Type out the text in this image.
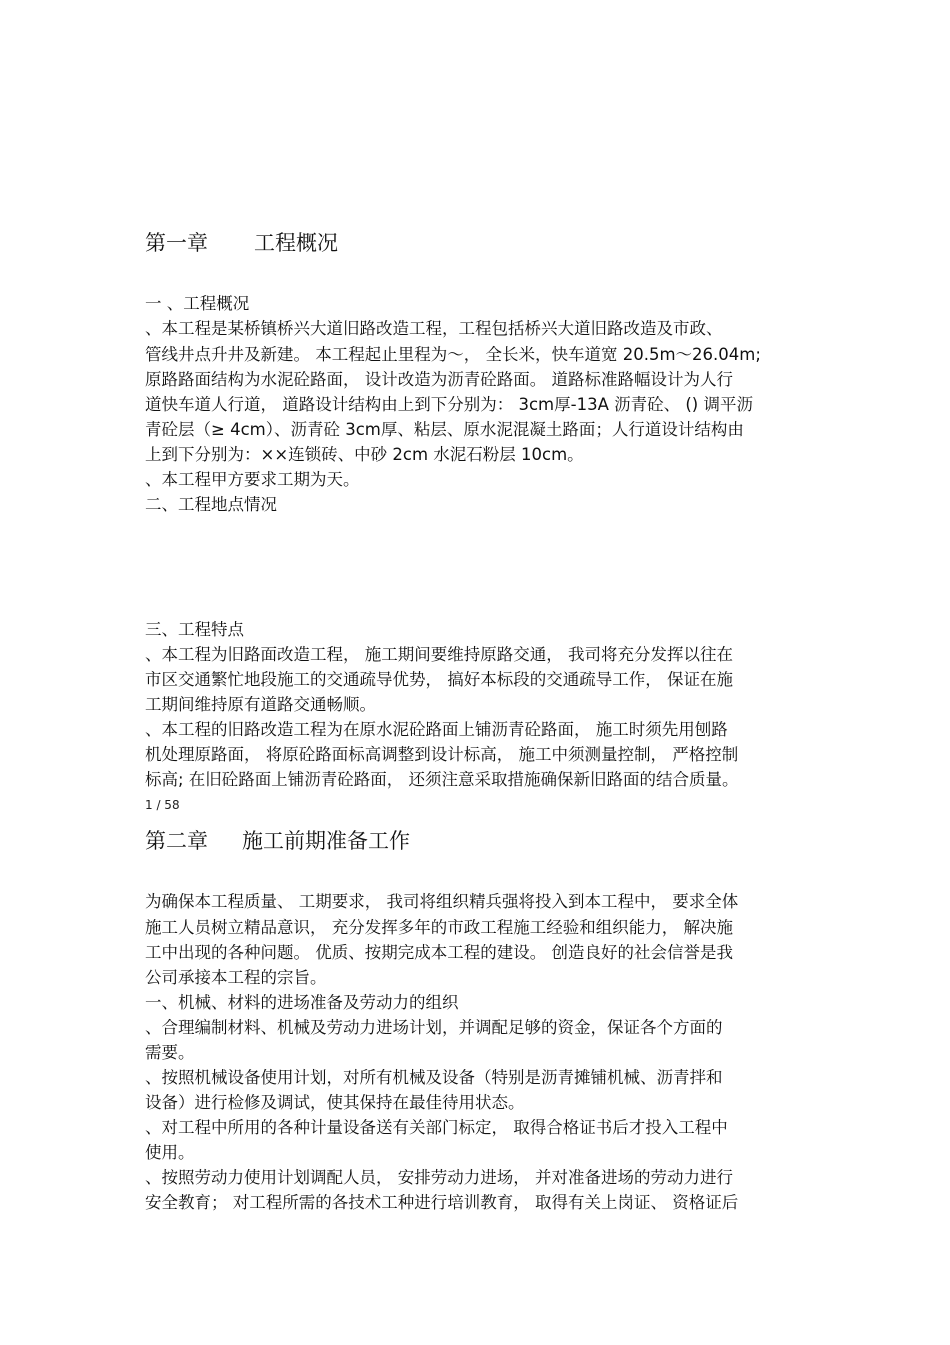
第一章 工程概况

一 、工程概况

、本工程是某桥镇桥兴大道旧路改造工程，工程包括桥兴大道旧路改造及市政、

管线井点升井及新建。 本工程起止里程为～， 全长米，快车道宽 20.5m～26.04m;

原路路面结构为水泥砼路面， 设计改造为沥青砼路面。 道路标准路幅设计为人行

道快车道人行道， 道路设计结构由上到下分别为： 3cm厚-13A 沥青砼、 () 调平沥

青砼层（≥ 4cm）、沥青砼 3cm厚、粘层、原水泥混凝土路面；人行道设计结构由

上到下分别为：××连锁砖、中砂 2cm 水泥石粉层 10cm。

、本工程甲方要求工期为天。

二、工程地点情况

三、工程特点

、本工程为旧路面改造工程， 施工期间要维持原路交通， 我司将充分发挥以往在

市区交通繁忙地段施工的交通疏导优势， 搞好本标段的交通疏导工作， 保证在施

工期间维持原有道路交通畅顺。

、本工程的旧路改造工程为在原水泥砼路面上铺沥青砼路面， 施工时须先用刨路

机处理原路面， 将原砼路面标高调整到设计标高， 施工中须测量控制， 严格控制

标高; 在旧砼路面上铺沥青砼路面， 还须注意采取措施确保新旧路面的结合质量。

1 / 58
第二章 施工前期准备工作

为确保本工程质量、 工期要求， 我司将组织精兵强将投入到本工程中， 要求全体

施工人员树立精品意识， 充分发挥多年的市政工程施工经验和组织能力， 解决施

工中出现的各种问题。 优质、按期完成本工程的建设。 创造良好的社会信誉是我

公司承接本工程的宗旨。

一、机械、材料的进场准备及劳动力的组织

、合理编制材料、机械及劳动力进场计划，并调配足够的资金，保证各个方面的

需要。

、按照机械设备使用计划，对所有机械及设备（特别是沥青摊铺机械、沥青拌和

设备）进行检修及调试，使其保持在最佳待用状态。

、对工程中所用的各种计量设备送有关部门标定， 取得合格证书后才投入工程中

使用。

、按照劳动力使用计划调配人员， 安排劳动力进场， 并对准备进场的劳动力进行

安全教育； 对工程所需的各技术工种进行培训教育， 取得有关上岗证、 资格证后
